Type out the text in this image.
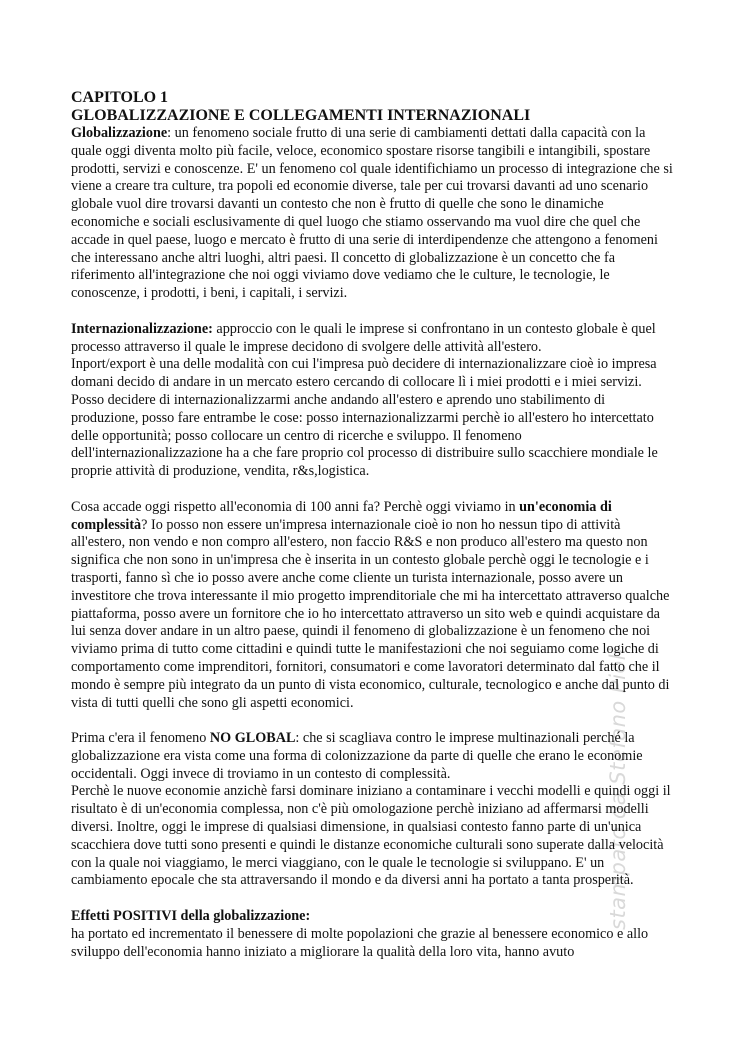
stampato da Stefano Pioli
CAPITOLO 1
GLOBALIZZAZIONE E COLLEGAMENTI INTERNAZIONALI

Globalizzazione: un fenomeno sociale frutto di una serie di cambiamenti dettati dalla capacità con la quale oggi diventa molto più facile, veloce, economico spostare risorse tangibili e intangibili, spostare prodotti, servizi e conoscenze. E' un fenomeno col quale identifichiamo un processo di integrazione che si viene a creare tra culture, tra popoli ed economie diverse, tale per cui trovarsi davanti ad uno scenario globale vuol dire trovarsi davanti un contesto che non è frutto di quelle che sono le dinamiche economiche e sociali esclusivamente di quel luogo che stiamo osservando ma vuol dire che quel che accade in quel paese, luogo e mercato è frutto di una serie di interdipendenze che attengono a fenomeni che interessano anche altri luoghi, altri paesi. Il concetto di globalizzazione è un concetto che fa riferimento all'integrazione che noi oggi viviamo dove vediamo che le culture, le tecnologie, le conoscenze, i prodotti, i beni, i capitali, i servizi.

Internazionalizzazione: approccio con le quali le imprese si confrontano in un contesto globale è quel processo attraverso il quale le imprese decidono di svolgere delle attività all'estero.

Inport/export è una delle modalità con cui l'impresa può decidere di internazionalizzare cioè io impresa domani decido di andare in un mercato estero cercando di collocare lì i miei prodotti e i miei servizi. Posso decidere di internazionalizzarmi anche andando all'estero e aprendo uno stabilimento di produzione, posso fare entrambe le cose: posso internazionalizzarmi perchè io all'estero ho intercettato delle opportunità; posso collocare un centro di ricerche e sviluppo. Il fenomeno dell'internazionalizzazione ha a che fare proprio col processo di distribuire sullo scacchiere mondiale le proprie attività di produzione, vendita, r&s,logistica.

Cosa accade oggi rispetto all'economia di 100 anni fa? Perchè oggi viviamo in un'economia di complessità? Io posso non essere un'impresa internazionale cioè io non ho nessun tipo di attività all'estero, non vendo e non compro all'estero, non faccio R&S e non produco all'estero ma questo non significa che non sono in un'impresa che è inserita in un contesto globale perchè oggi le tecnologie e i trasporti, fanno sì che io posso avere anche come cliente un turista internazionale, posso avere un investitore che trova interessante il mio progetto imprenditoriale che mi ha intercettato attraverso qualche piattaforma, posso avere un fornitore che io ho intercettato attraverso un sito web e quindi acquistare da lui senza dover andare in un altro paese, quindi il fenomeno di globalizzazione è un fenomeno che noi viviamo prima di tutto come cittadini e quindi tutte le manifestazioni che noi seguiamo come logiche di comportamento come imprenditori, fornitori, consumatori e come lavoratori determinato dal fatto che il mondo è sempre più integrato da un punto di vista economico, culturale, tecnologico e anche dal punto di vista di tutti quelli che sono gli aspetti economici.

Prima c'era il fenomeno NO GLOBAL: che si scagliava contro le imprese multinazionali perché la globalizzazione era vista come una forma di colonizzazione da parte di quelle che erano le economie occidentali. Oggi invece di troviamo in un contesto di complessità.

Perchè le nuove economie anzichè farsi dominare iniziano a contaminare i vecchi modelli e quindi oggi il risultato è di un'economia complessa, non c'è più omologazione perchè iniziano ad affermarsi modelli diversi. Inoltre, oggi le imprese di qualsiasi dimensione, in qualsiasi contesto fanno parte di un'unica scacchiera dove tutti sono presenti e quindi le distanze economiche culturali sono superate dalla velocità con la quale noi viaggiamo, le merci viaggiano, con le quale le tecnologie si sviluppano. E' un cambiamento epocale che sta attraversando il mondo e da diversi anni ha portato a tanta prosperità.

Effetti POSITIVI della globalizzazione:

ha portato ed incrementato il benessere di molte popolazioni che grazie al benessere economico e allo sviluppo dell'economia hanno iniziato a migliorare la qualità della loro vita, hanno avuto
